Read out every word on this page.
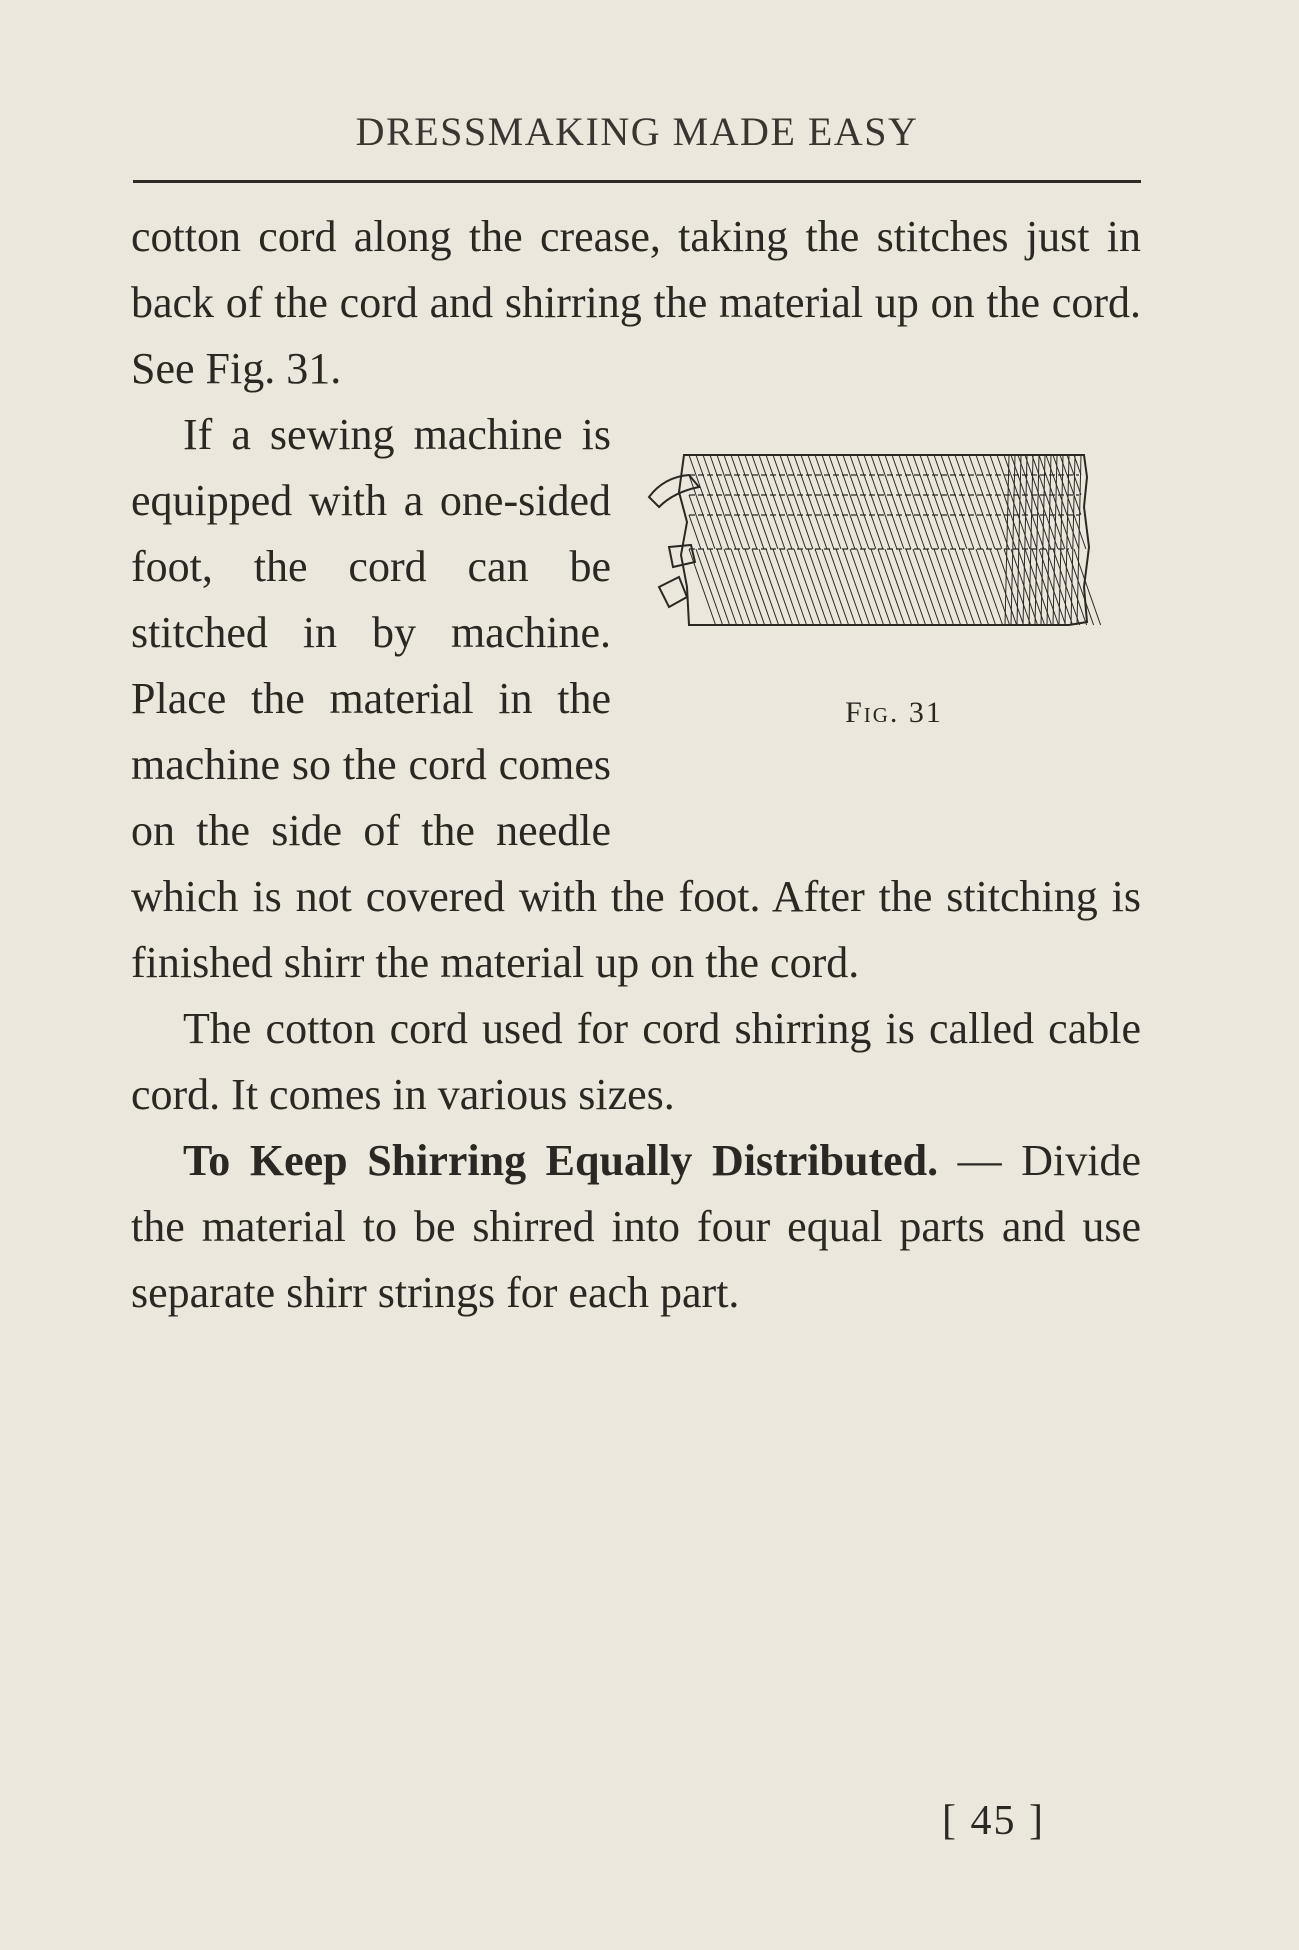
DRESSMAKING MADE EASY

cotton cord along the crease, taking the stitches just in back of the cord and shirring the material up on the cord. See Fig. 31.

Fig. 31

If a sewing machine is equipped with a one-sided foot, the cord can be stitched in by machine. Place the material in the machine so the cord comes on the side of the needle which is not covered with the foot. After the stitching is finished shirr the material up on the cord.

The cotton cord used for cord shirring is called cable cord. It comes in various sizes.

To Keep Shirring Equally Distributed. — Divide the material to be shirred into four equal parts and use separate shirr strings for each part.

[ 45 ]
